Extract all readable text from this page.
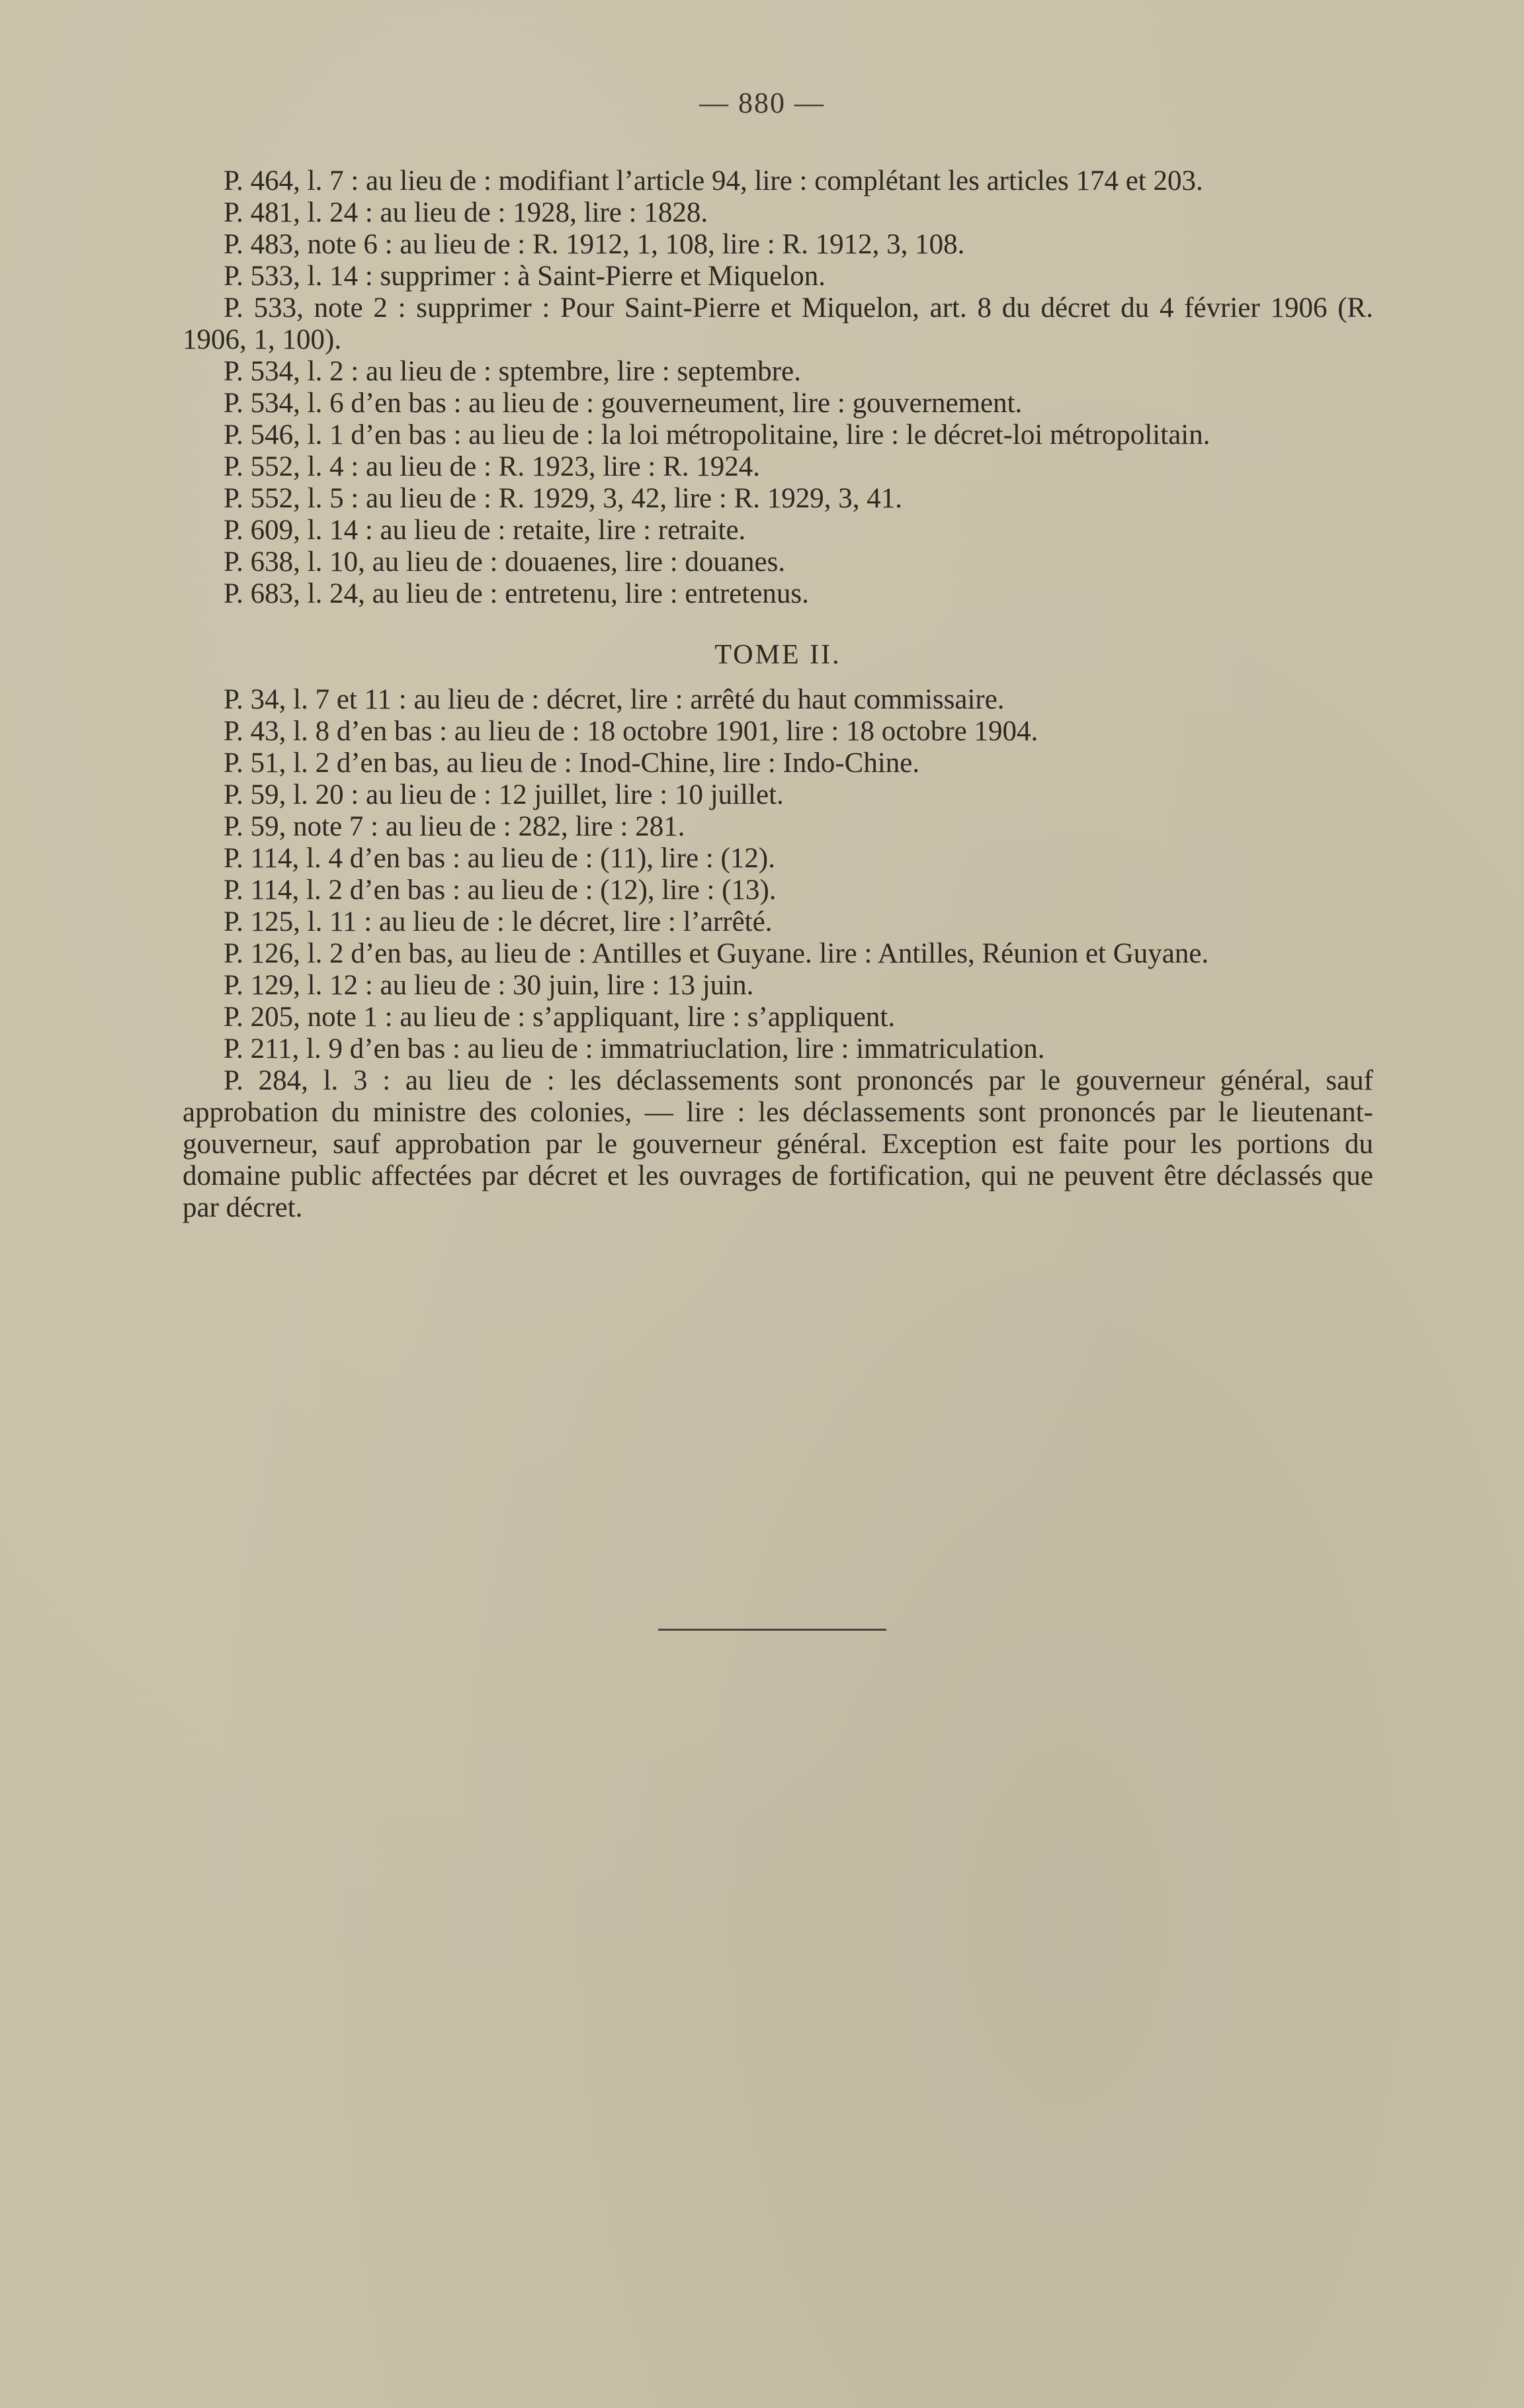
— 880 —

P. 464, l. 7 : au lieu de : modifiant l’article 94, lire : complétant les articles 174 et 203.

P. 481, l. 24 : au lieu de : 1928, lire : 1828.

P. 483, note 6 : au lieu de : R. 1912, 1, 108, lire : R. 1912, 3, 108.

P. 533, l. 14 : supprimer : à Saint-Pierre et Miquelon.

P. 533, note 2 : supprimer : Pour Saint-Pierre et Miquelon, art. 8 du décret du 4 février 1906 (R. 1906, 1, 100).

P. 534, l. 2 : au lieu de : sptembre, lire : septembre.

P. 534, l. 6 d’en bas : au lieu de : gouverneument, lire : gouvernement.

P. 546, l. 1 d’en bas : au lieu de : la loi métropolitaine, lire : le décret-loi métropolitain.

P. 552, l. 4 : au lieu de : R. 1923, lire : R. 1924.

P. 552, l. 5 : au lieu de : R. 1929, 3, 42, lire : R. 1929, 3, 41.

P. 609, l. 14 : au lieu de : retaite, lire : retraite.

P. 638, l. 10, au lieu de : douaenes, lire : douanes.

P. 683, l. 24, au lieu de : entretenu, lire : entretenus.

TOME II.

P. 34, l. 7 et 11 : au lieu de : décret, lire : arrêté du haut commissaire.

P. 43, l. 8 d’en bas : au lieu de : 18 octobre 1901, lire : 18 octobre 1904.

P. 51, l. 2 d’en bas, au lieu de : Inod-Chine, lire : Indo-Chine.

P. 59, l. 20 : au lieu de : 12 juillet, lire : 10 juillet.

P. 59, note 7 : au lieu de : 282, lire : 281.

P. 114, l. 4 d’en bas : au lieu de : (11), lire : (12).

P. 114, l. 2 d’en bas : au lieu de : (12), lire : (13).

P. 125, l. 11 : au lieu de : le décret, lire : l’arrêté.

P. 126, l. 2 d’en bas, au lieu de : Antilles et Guyane. lire : Antilles, Réunion et Guyane.

P. 129, l. 12 : au lieu de : 30 juin, lire : 13 juin.

P. 205, note 1 : au lieu de : s’appliquant, lire : s’appliquent.

P. 211, l. 9 d’en bas : au lieu de : immatriuclation, lire : immatriculation.

P. 284, l. 3 : au lieu de : les déclassements sont prononcés par le gouverneur général, sauf approbation du ministre des colonies, — lire : les déclassements sont prononcés par le lieutenant-gouverneur, sauf approbation par le gouverneur général. Exception est faite pour les portions du domaine public affectées par décret et les ouvrages de fortification, qui ne peuvent être déclassés que par décret.
